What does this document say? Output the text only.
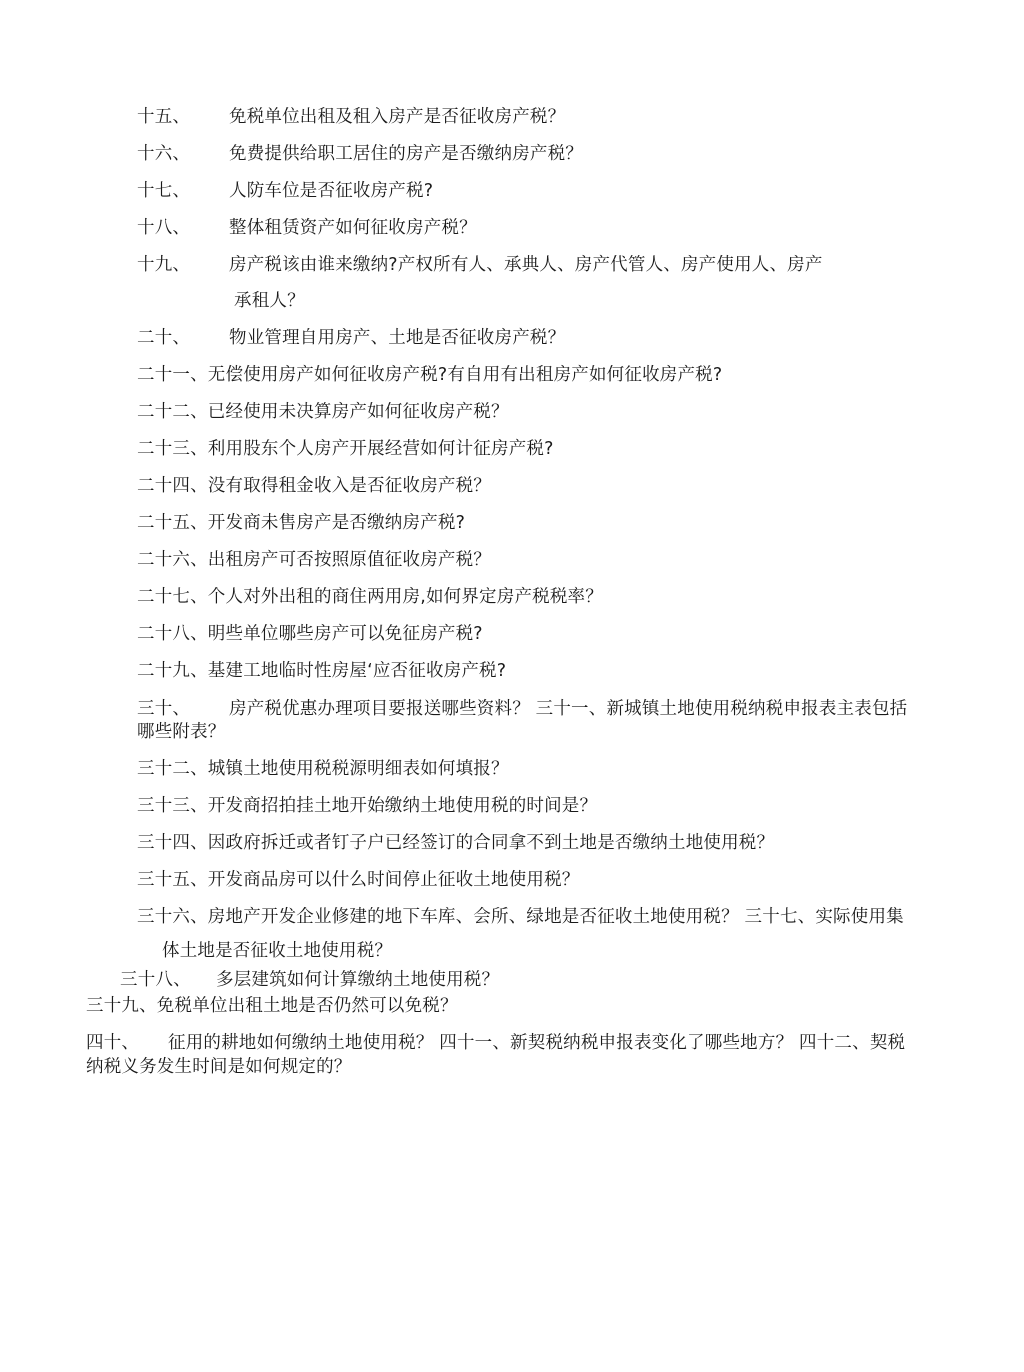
十五、 免税单位出租及租入房产是否征收房产税？
十六、 免费提供给职工居住的房产是否缴纳房产税？
十七、 人防车位是否征收房产税?
十八、 整体租赁资产如何征收房产税？
十九、 房产税该由谁来缴纳?产权所有人、承典人、房产代管人、房产使用人、房产
承租人？
二十、 物业管理自用房产、土地是否征收房产税？
二十一、无偿使用房产如何征收房产税?有自用有出租房产如何征收房产税?
二十二、已经使用未决算房产如何征收房产税？
二十三、利用股东个人房产开展经营如何计征房产税?
二十四、没有取得租金收入是否征收房产税？
二十五、开发商未售房产是否缴纳房产税?
二十六、出租房产可否按照原值征收房产税？
二十七、个人对外出租的商住两用房,如何界定房产税税率？
二十八、明些单位哪些房产可以免征房产税?
二十九、基建工地临时性房屋‘应否征收房产税?
三十、 房产税优惠办理项目要报送哪些资料？ 三十一、新城镇土地使用税纳税申报表主表包括
哪些附表？
三十二、城镇土地使用税税源明细表如何填报？
三十三、开发商招拍挂土地开始缴纳土地使用税的时间是？
三十四、因政府拆迁或者钉子户已经签订的合同拿不到土地是否缴纳土地使用税？
三十五、开发商品房可以什么时间停止征收土地使用税？
三十六、房地产开发企业修建的地下车库、会所、绿地是否征收土地使用税？ 三十七、实际使用集
体土地是否征收土地使用税？
三十八、 多层建筑如何计算缴纳土地使用税？
三十九、免税单位出租土地是否仍然可以免税？
四十、 征用的耕地如何缴纳土地使用税？ 四十一、新契税纳税申报表变化了哪些地方？ 四十二、契税
纳税义务发生时间是如何规定的？
